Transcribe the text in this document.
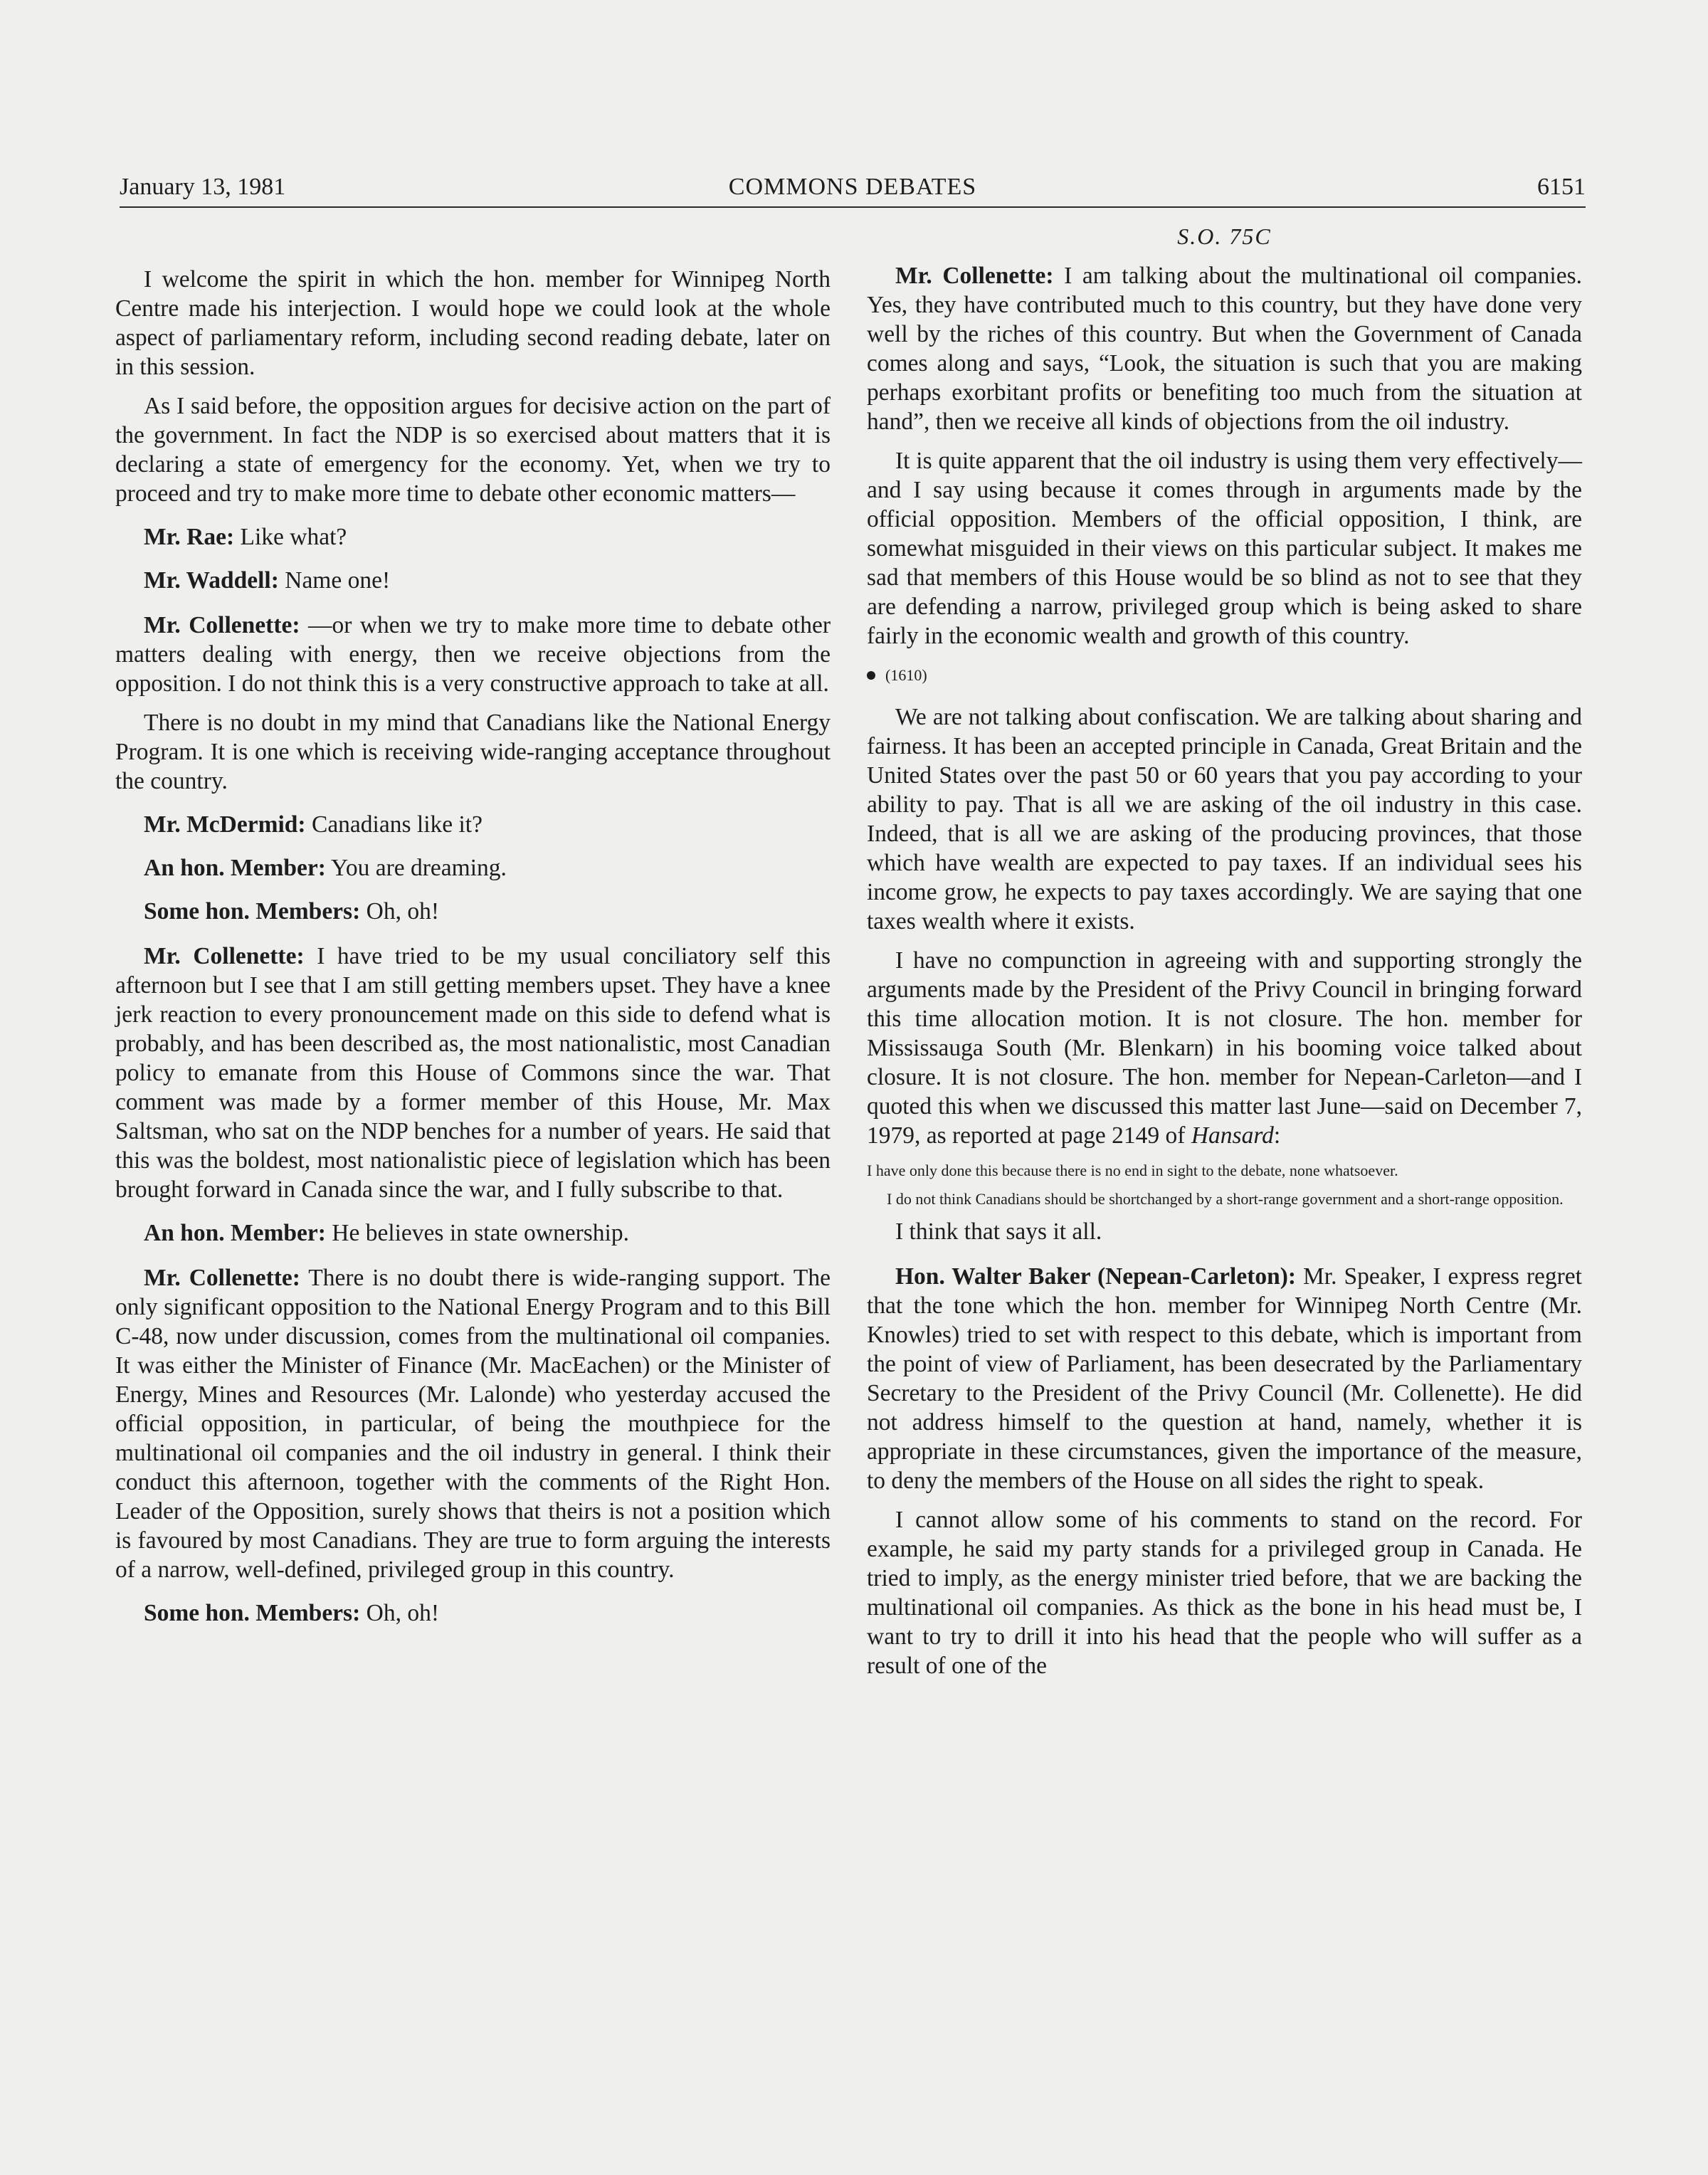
January 13, 1981	COMMONS DEBATES	6151

I welcome the spirit in which the hon. member for Winnipeg North Centre made his interjection. I would hope we could look at the whole aspect of parliamentary reform, including second reading debate, later on in this session.

As I said before, the opposition argues for decisive action on the part of the government. In fact the NDP is so exercised about matters that it is declaring a state of emergency for the economy. Yet, when we try to proceed and try to make more time to debate other economic matters—

Mr. Rae: Like what?

Mr. Waddell: Name one!

Mr. Collenette: —or when we try to make more time to debate other matters dealing with energy, then we receive objections from the opposition. I do not think this is a very constructive approach to take at all.

There is no doubt in my mind that Canadians like the National Energy Program. It is one which is receiving wide-ranging acceptance throughout the country.

Mr. McDermid: Canadians like it?

An hon. Member: You are dreaming.

Some hon. Members: Oh, oh!

Mr. Collenette: I have tried to be my usual conciliatory self this afternoon but I see that I am still getting members upset. They have a knee jerk reaction to every pronouncement made on this side to defend what is probably, and has been described as, the most nationalistic, most Canadian policy to emanate from this House of Commons since the war. That comment was made by a former member of this House, Mr. Max Saltsman, who sat on the NDP benches for a number of years. He said that this was the boldest, most nationalistic piece of legislation which has been brought forward in Canada since the war, and I fully subscribe to that.

An hon. Member: He believes in state ownership.

Mr. Collenette: There is no doubt there is wide-ranging support. The only significant opposition to the National Energy Program and to this Bill C-48, now under discussion, comes from the multinational oil companies. It was either the Minister of Finance (Mr. MacEachen) or the Minister of Energy, Mines and Resources (Mr. Lalonde) who yesterday accused the official opposition, in particular, of being the mouthpiece for the multinational oil companies and the oil industry in general. I think their conduct this afternoon, together with the comments of the Right Hon. Leader of the Opposition, surely shows that theirs is not a position which is favoured by most Canadians. They are true to form arguing the interests of a narrow, well-defined, privileged group in this country.

Some hon. Members: Oh, oh!

S.O. 75C

Mr. Collenette: I am talking about the multinational oil companies. Yes, they have contributed much to this country, but they have done very well by the riches of this country. But when the Government of Canada comes along and says, “Look, the situation is such that you are making perhaps exorbitant profits or benefiting too much from the situation at hand”, then we receive all kinds of objections from the oil industry.

It is quite apparent that the oil industry is using them very effectively—and I say using because it comes through in arguments made by the official opposition. Members of the official opposition, I think, are somewhat misguided in their views on this particular subject. It makes me sad that members of this House would be so blind as not to see that they are defending a narrow, privileged group which is being asked to share fairly in the economic wealth and growth of this country.

(1610)

We are not talking about confiscation. We are talking about sharing and fairness. It has been an accepted principle in Canada, Great Britain and the United States over the past 50 or 60 years that you pay according to your ability to pay. That is all we are asking of the oil industry in this case. Indeed, that is all we are asking of the producing provinces, that those which have wealth are expected to pay taxes. If an individual sees his income grow, he expects to pay taxes accordingly. We are saying that one taxes wealth where it exists.

I have no compunction in agreeing with and supporting strongly the arguments made by the President of the Privy Council in bringing forward this time allocation motion. It is not closure. The hon. member for Mississauga South (Mr. Blenkarn) in his booming voice talked about closure. It is not closure. The hon. member for Nepean-Carleton—and I quoted this when we discussed this matter last June—said on December 7, 1979, as reported at page 2149 of Hansard:

I have only done this because there is no end in sight to the debate, none whatsoever.

I do not think Canadians should be shortchanged by a short-range government and a short-range opposition.

I think that says it all.

Hon. Walter Baker (Nepean-Carleton): Mr. Speaker, I express regret that the tone which the hon. member for Winnipeg North Centre (Mr. Knowles) tried to set with respect to this debate, which is important from the point of view of Parliament, has been desecrated by the Parliamentary Secretary to the President of the Privy Council (Mr. Collenette). He did not address himself to the question at hand, namely, whether it is appropriate in these circumstances, given the importance of the measure, to deny the members of the House on all sides the right to speak.

I cannot allow some of his comments to stand on the record. For example, he said my party stands for a privileged group in Canada. He tried to imply, as the energy minister tried before, that we are backing the multinational oil companies. As thick as the bone in his head must be, I want to try to drill it into his head that the people who will suffer as a result of one of the
